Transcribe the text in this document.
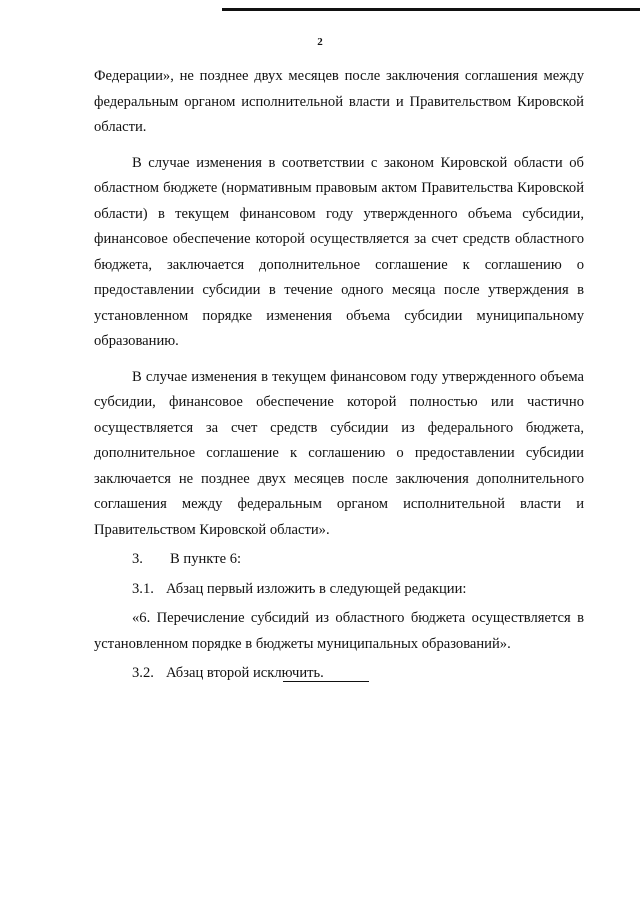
2
Федерации», не позднее двух месяцев после заключения соглашения между
федеральным органом исполнительной власти и Правительством Кировской
области.
В случае изменения в соответствии с законом Кировской области об
областном бюджете (нормативным правовым актом Правительства Кировской
области) в текущем финансовом году утвержденного объема субсидии,
финансовое обеспечение которой осуществляется за счет средств областного
бюджета, заключается дополнительное соглашение к соглашению о
предоставлении субсидии в течение одного месяца после утверждения в
установленном порядке изменения объема субсидии муниципальному
образованию.
В случае изменения в текущем финансовом году утвержденного объема
субсидии, финансовое обеспечение которой полностью или частично
осуществляется за счет средств субсидии из федерального бюджета,
дополнительное соглашение к соглашению о предоставлении субсидии
заключается не позднее двух месяцев после заключения дополнительного
соглашения между федеральным органом исполнительной власти и
Правительством Кировской области».
3. В пункте 6:
3.1. Абзац первый изложить в следующей редакции:
«6. Перечисление субсидий из областного бюджета осуществляется в
установленном порядке в бюджеты муниципальных образований».
3.2. Абзац второй исключить.
